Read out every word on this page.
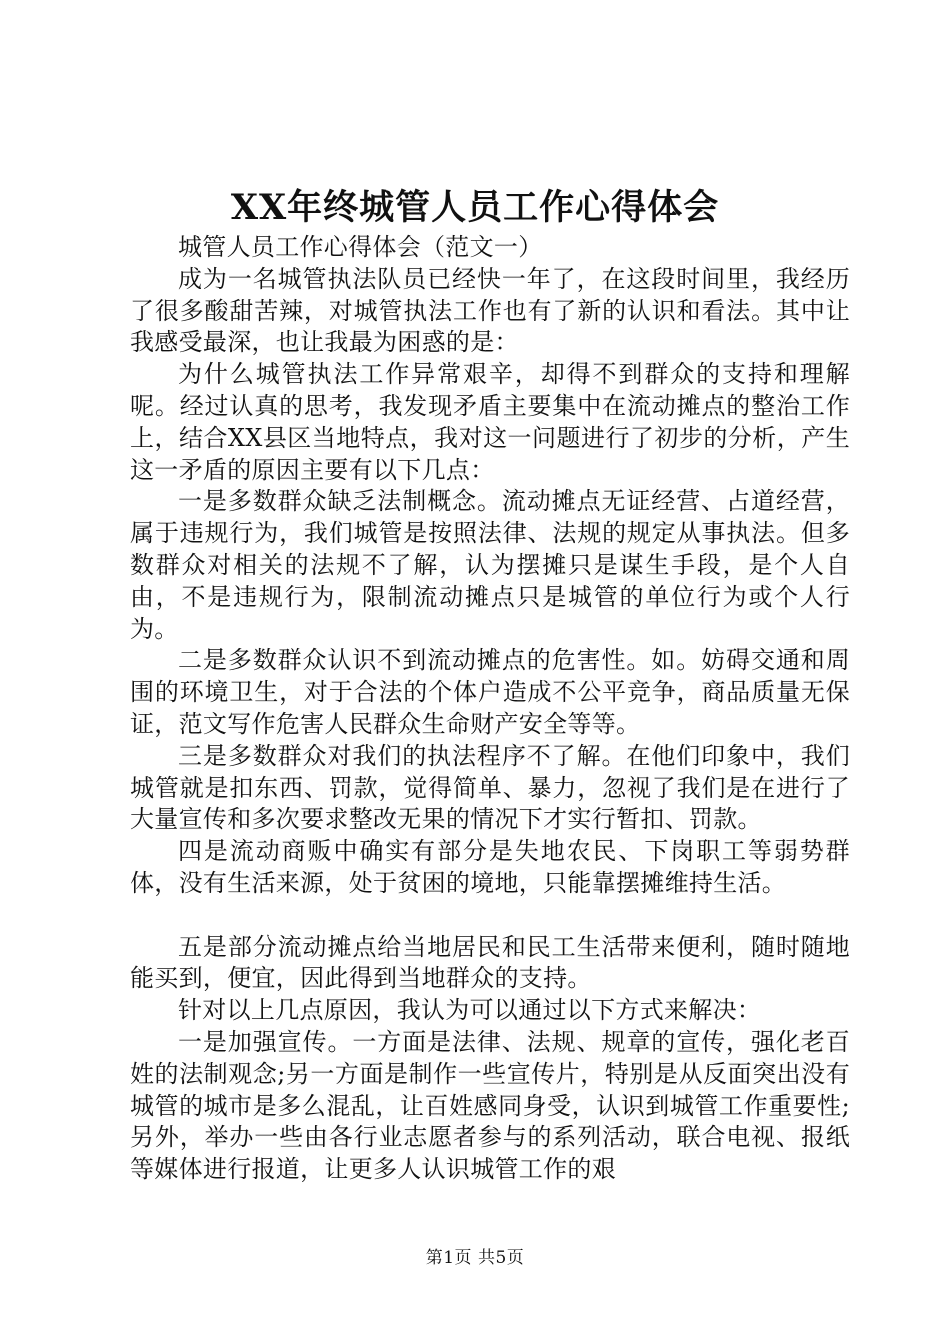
XX年终城管人员工作心得体会

城管人员工作心得体会（范文一）

成为一名城管执法队员已经快一年了，在这段时间里，我经历了很多酸甜苦辣，对城管执法工作也有了新的认识和看法。其中让我感受最深，也让我最为困惑的是：

为什么城管执法工作异常艰辛，却得不到群众的支持和理解呢。经过认真的思考，我发现矛盾主要集中在流动摊点的整治工作上，结合XX县区当地特点，我对这一问题进行了初步的分析，产生这一矛盾的原因主要有以下几点：

一是多数群众缺乏法制概念。流动摊点无证经营、占道经营，属于违规行为，我们城管是按照法律、法规的规定从事执法。但多数群众对相关的法规不了解，认为摆摊只是谋生手段，是个人自由，不是违规行为，限制流动摊点只是城管的单位行为或个人行为。

二是多数群众认识不到流动摊点的危害性。如。妨碍交通和周围的环境卫生，对于合法的个体户造成不公平竞争，商品质量无保证，范文写作危害人民群众生命财产安全等等。

三是多数群众对我们的执法程序不了解。在他们印象中，我们城管就是扣东西、罚款，觉得简单、暴力，忽视了我们是在进行了大量宣传和多次要求整改无果的情况下才实行暂扣、罚款。

四是流动商贩中确实有部分是失地农民、下岗职工等弱势群体，没有生活来源，处于贫困的境地，只能靠摆摊维持生活。

五是部分流动摊点给当地居民和民工生活带来便利，随时随地能买到，便宜，因此得到当地群众的支持。

针对以上几点原因，我认为可以通过以下方式来解决：

一是加强宣传。一方面是法律、法规、规章的宣传，强化老百姓的法制观念;另一方面是制作一些宣传片，特别是从反面突出没有城管的城市是多么混乱，让百姓感同身受，认识到城管工作重要性;另外，举办一些由各行业志愿者参与的系列活动，联合电视、报纸等媒体进行报道，让更多人认识城管工作的艰

第1页 共5页
